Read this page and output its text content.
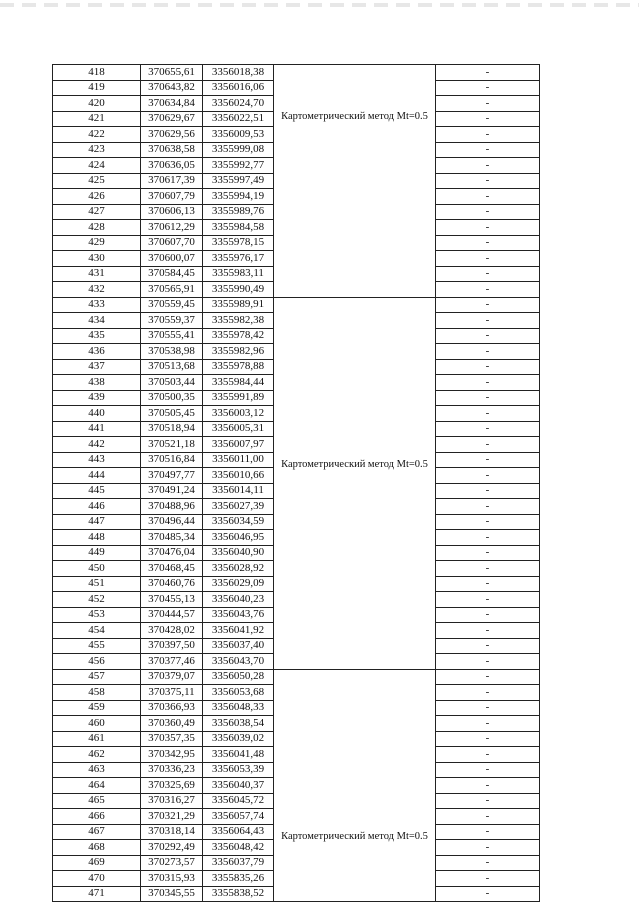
418	370655,61	3356018,38	Картометрический метод Mt=0.5	-
419	370643,82	3356016,06		-
420	370634,84	3356024,70		-
421	370629,67	3356022,51		-
422	370629,56	3356009,53		-
423	370638,58	3355999,08		-
424	370636,05	3355992,77		-
425	370617,39	3355997,49		-
426	370607,79	3355994,19		-
427	370606,13	3355989,76		-
428	370612,29	3355984,58		-
429	370607,70	3355978,15		-
430	370600,07	3355976,17		-
431	370584,45	3355983,11		-
432	370565,91	3355990,49		-
433	370559,45	3355989,91	Картометрический метод Mt=0.5	-
434	370559,37	3355982,38		-
435	370555,41	3355978,42		-
436	370538,98	3355982,96		-
437	370513,68	3355978,88		-
438	370503,44	3355984,44		-
439	370500,35	3355991,89		-
440	370505,45	3356003,12		-
441	370518,94	3356005,31		-
442	370521,18	3356007,97		-
443	370516,84	3356011,00		-
444	370497,77	3356010,66		-
445	370491,24	3356014,11		-
446	370488,96	3356027,39		-
447	370496,44	3356034,59		-
448	370485,34	3356046,95		-
449	370476,04	3356040,90		-
450	370468,45	3356028,92		-
451	370460,76	3356029,09		-
452	370455,13	3356040,23		-
453	370444,57	3356043,76		-
454	370428,02	3356041,92		-
455	370397,50	3356037,40		-
456	370377,46	3356043,70		-
457	370379,07	3356050,28	Картометрический метод Mt=0.5	-
458	370375,11	3356053,68		-
459	370366,93	3356048,33		-
460	370360,49	3356038,54		-
461	370357,35	3356039,02		-
462	370342,95	3356041,48		-
463	370336,23	3356053,39		-
464	370325,69	3356040,37		-
465	370316,27	3356045,72		-
466	370321,29	3356057,74		-
467	370318,14	3356064,43		-
468	370292,49	3356048,42		-
469	370273,57	3356037,79		-
470	370315,93	3355835,26		-
471	370345,55	3355838,52		-
